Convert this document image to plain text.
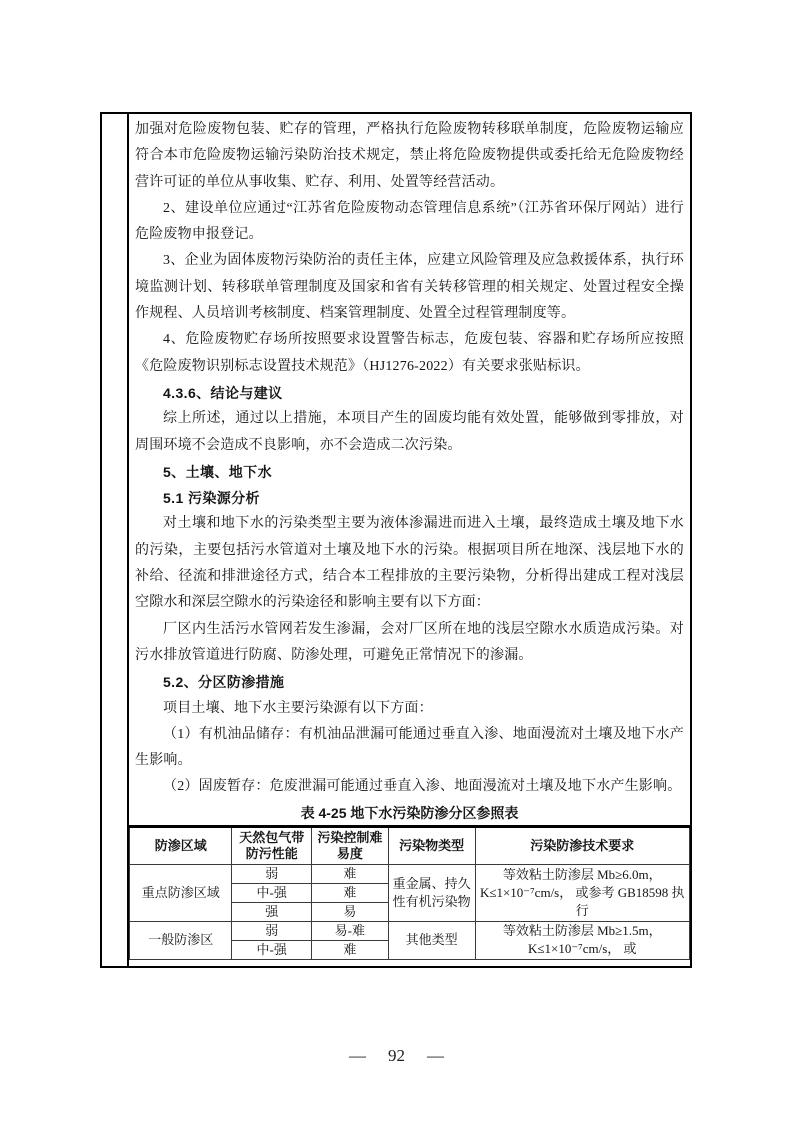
加强对危险废物包装、贮存的管理，严格执行危险废物转移联单制度，危险废物运输应符合本市危险废物运输污染防治技术规定，禁止将危险废物提供或委托给无危险废物经营许可证的单位从事收集、贮存、利用、处置等经营活动。

2、建设单位应通过“江苏省危险废物动态管理信息系统”（江苏省环保厅网站）进行危险废物申报登记。

3、企业为固体废物污染防治的责任主体，应建立风险管理及应急救援体系，执行环境监测计划、转移联单管理制度及国家和省有关转移管理的相关规定、处置过程安全操作规程、人员培训考核制度、档案管理制度、处置全过程管理制度等。

4、危险废物贮存场所按照要求设置警告标志，危废包装、容器和贮存场所应按照《危险废物识别标志设置技术规范》（HJ1276-2022）有关要求张贴标识。

4.3.6、结论与建议

综上所述，通过以上措施，本项目产生的固废均能有效处置，能够做到零排放，对周围环境不会造成不良影响，亦不会造成二次污染。

5、土壤、地下水

5.1 污染源分析

对土壤和地下水的污染类型主要为液体渗漏进而进入土壤，最终造成土壤及地下水的污染，主要包括污水管道对土壤及地下水的污染。根据项目所在地深、浅层地下水的补给、径流和排泄途径方式，结合本工程排放的主要污染物，分析得出建成工程对浅层空隙水和深层空隙水的污染途径和影响主要有以下方面：

厂区内生活污水管网若发生渗漏，会对厂区所在地的浅层空隙水水质造成污染。对污水排放管道进行防腐、防渗处理，可避免正常情况下的渗漏。

5.2、分区防渗措施

项目土壤、地下水主要污染源有以下方面：

（1）有机油品储存：有机油品泄漏可能通过垂直入渗、地面漫流对土壤及地下水产生影响。

（2）固废暂存：危废泄漏可能通过垂直入渗、地面漫流对土壤及地下水产生影响。

表 4-25 地下水污染防渗分区参照表

防渗区域	天然包气带防污性能	污染控制难易度	污染物类型	污染防渗技术要求
重点防渗区域	弱	难	重金属、持久性有机污染物	等效粘土防渗层 Mb≥6.0m，K≤1×10⁻⁷cm/s， 或参考 GB18598 执行
	中-强	难		
	强	易		
一般防渗区	弱	易-难	其他类型	等效粘土防渗层 Mb≥1.5m，K≤1×10⁻⁷cm/s， 或
	中-强	难		
— 92 —
